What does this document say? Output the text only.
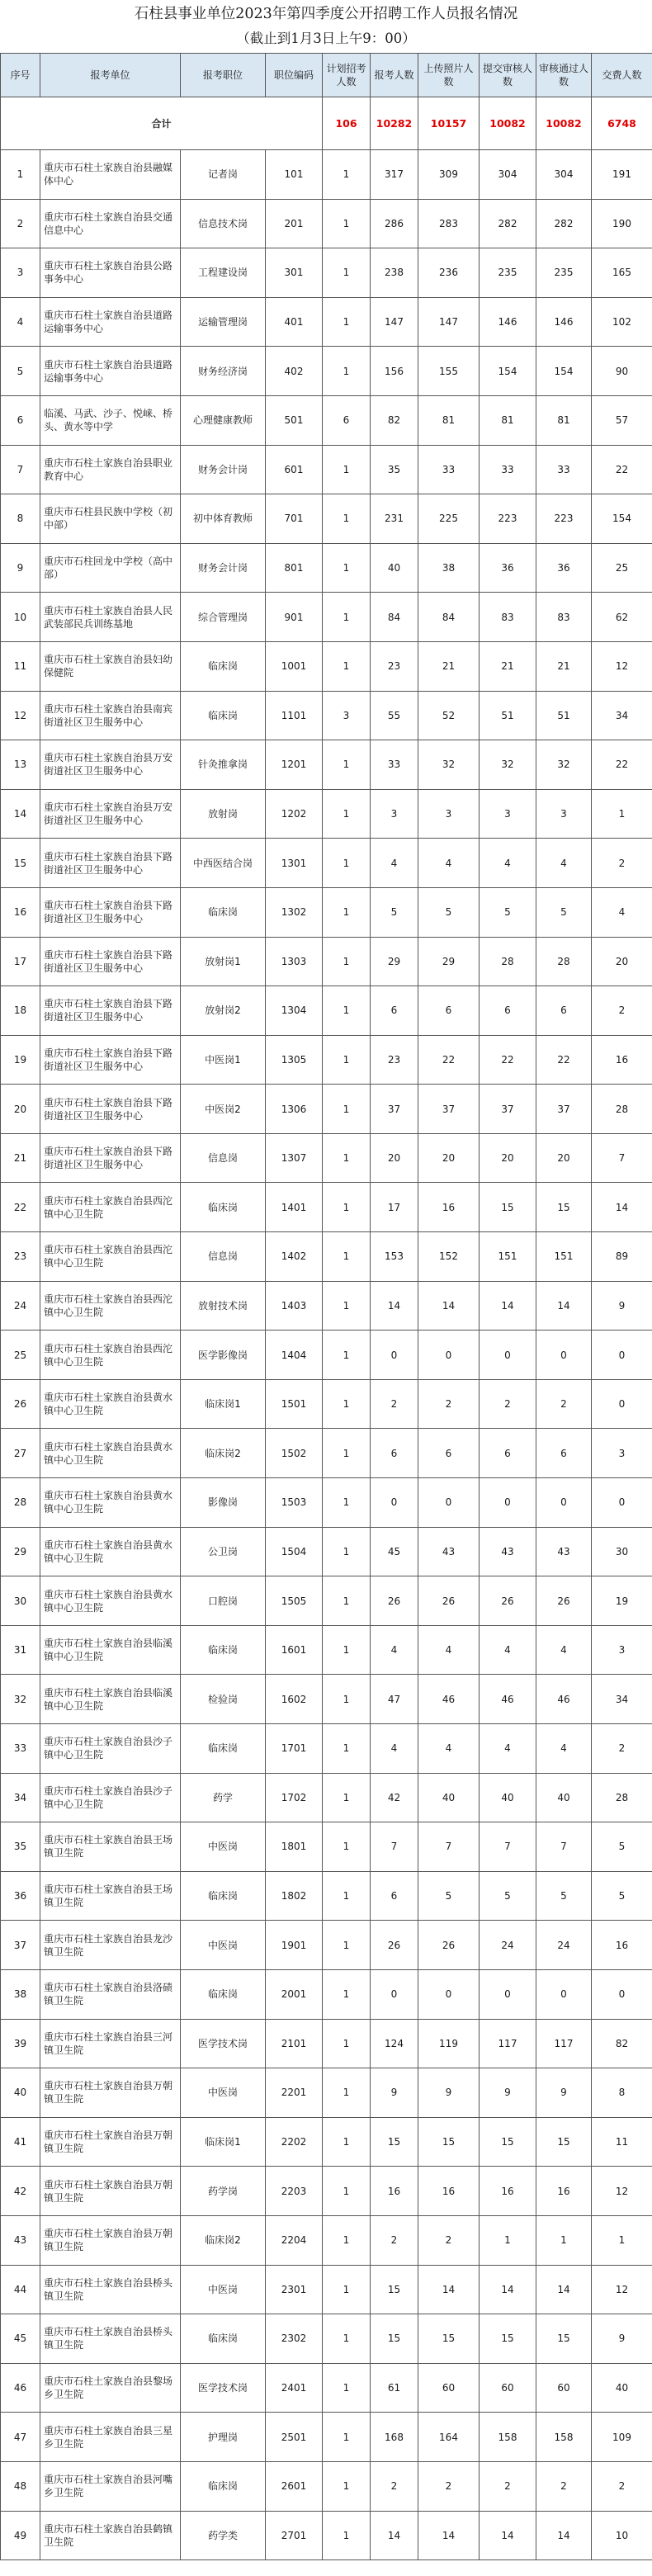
石柱县事业单位2023年第四季度公开招聘工作人员报名情况
（截止到1月3日上午9：00）
序号	报考单位	报考职位	职位编码	计划招考人数	报考人数	上传照片人数	提交审核人数	审核通过人数	交费人数
合计				106	10282	10157	10082	10082	6748
1	重庆市石柱土家族自治县融媒体中心	记者岗	101	1	317	309	304	304	191
2	重庆市石柱土家族自治县交通信息中心	信息技术岗	201	1	286	283	282	282	190
3	重庆市石柱土家族自治县公路事务中心	工程建设岗	301	1	238	236	235	235	165
4	重庆市石柱土家族自治县道路运输事务中心	运输管理岗	401	1	147	147	146	146	102
5	重庆市石柱土家族自治县道路运输事务中心	财务经济岗	402	1	156	155	154	154	90
6	临溪、马武、沙子、悦崃、桥头、黄水等中学	心理健康教师	501	6	82	81	81	81	57
7	重庆市石柱土家族自治县职业教育中心	财务会计岗	601	1	35	33	33	33	22
8	重庆市石柱县民族中学校（初中部）	初中体育教师	701	1	231	225	223	223	154
9	重庆市石柱回龙中学校（高中部）	财务会计岗	801	1	40	38	36	36	25
10	重庆市石柱土家族自治县人民武装部民兵训练基地	综合管理岗	901	1	84	84	83	83	62
11	重庆市石柱土家族自治县妇幼保健院	临床岗	1001	1	23	21	21	21	12
12	重庆市石柱土家族自治县南宾街道社区卫生服务中心	临床岗	1101	3	55	52	51	51	34
13	重庆市石柱土家族自治县万安街道社区卫生服务中心	针灸推拿岗	1201	1	33	32	32	32	22
14	重庆市石柱土家族自治县万安街道社区卫生服务中心	放射岗	1202	1	3	3	3	3	1
15	重庆市石柱土家族自治县下路街道社区卫生服务中心	中西医结合岗	1301	1	4	4	4	4	2
16	重庆市石柱土家族自治县下路街道社区卫生服务中心	临床岗	1302	1	5	5	5	5	4
17	重庆市石柱土家族自治县下路街道社区卫生服务中心	放射岗1	1303	1	29	29	28	28	20
18	重庆市石柱土家族自治县下路街道社区卫生服务中心	放射岗2	1304	1	6	6	6	6	2
19	重庆市石柱土家族自治县下路街道社区卫生服务中心	中医岗1	1305	1	23	22	22	22	16
20	重庆市石柱土家族自治县下路街道社区卫生服务中心	中医岗2	1306	1	37	37	37	37	28
21	重庆市石柱土家族自治县下路街道社区卫生服务中心	信息岗	1307	1	20	20	20	20	7
22	重庆市石柱土家族自治县西沱镇中心卫生院	临床岗	1401	1	17	16	15	15	14
23	重庆市石柱土家族自治县西沱镇中心卫生院	信息岗	1402	1	153	152	151	151	89
24	重庆市石柱土家族自治县西沱镇中心卫生院	放射技术岗	1403	1	14	14	14	14	9
25	重庆市石柱土家族自治县西沱镇中心卫生院	医学影像岗	1404	1	0	0	0	0	0
26	重庆市石柱土家族自治县黄水镇中心卫生院	临床岗1	1501	1	2	2	2	2	0
27	重庆市石柱土家族自治县黄水镇中心卫生院	临床岗2	1502	1	6	6	6	6	3
28	重庆市石柱土家族自治县黄水镇中心卫生院	影像岗	1503	1	0	0	0	0	0
29	重庆市石柱土家族自治县黄水镇中心卫生院	公卫岗	1504	1	45	43	43	43	30
30	重庆市石柱土家族自治县黄水镇中心卫生院	口腔岗	1505	1	26	26	26	26	19
31	重庆市石柱土家族自治县临溪镇中心卫生院	临床岗	1601	1	4	4	4	4	3
32	重庆市石柱土家族自治县临溪镇中心卫生院	检验岗	1602	1	47	46	46	46	34
33	重庆市石柱土家族自治县沙子镇中心卫生院	临床岗	1701	1	4	4	4	4	2
34	重庆市石柱土家族自治县沙子镇中心卫生院	药学	1702	1	42	40	40	40	28
35	重庆市石柱土家族自治县王场镇卫生院	中医岗	1801	1	7	7	7	7	5
36	重庆市石柱土家族自治县王场镇卫生院	临床岗	1802	1	6	5	5	5	5
37	重庆市石柱土家族自治县龙沙镇卫生院	中医岗	1901	1	26	26	24	24	16
38	重庆市石柱土家族自治县洛碛镇卫生院	临床岗	2001	1	0	0	0	0	0
39	重庆市石柱土家族自治县三河镇卫生院	医学技术岗	2101	1	124	119	117	117	82
40	重庆市石柱土家族自治县万朝镇卫生院	中医岗	2201	1	9	9	9	9	8
41	重庆市石柱土家族自治县万朝镇卫生院	临床岗1	2202	1	15	15	15	15	11
42	重庆市石柱土家族自治县万朝镇卫生院	药学岗	2203	1	16	16	16	16	12
43	重庆市石柱土家族自治县万朝镇卫生院	临床岗2	2204	1	2	2	1	1	1
44	重庆市石柱土家族自治县桥头镇卫生院	中医岗	2301	1	15	14	14	14	12
45	重庆市石柱土家族自治县桥头镇卫生院	临床岗	2302	1	15	15	15	15	9
46	重庆市石柱土家族自治县黎场乡卫生院	医学技术岗	2401	1	61	60	60	60	40
47	重庆市石柱土家族自治县三星乡卫生院	护理岗	2501	1	168	164	158	158	109
48	重庆市石柱土家族自治县河嘴乡卫生院	临床岗	2601	1	2	2	2	2	2
49	重庆市石柱土家族自治县鹤镇卫生院	药学类	2701	1	14	14	14	14	10
